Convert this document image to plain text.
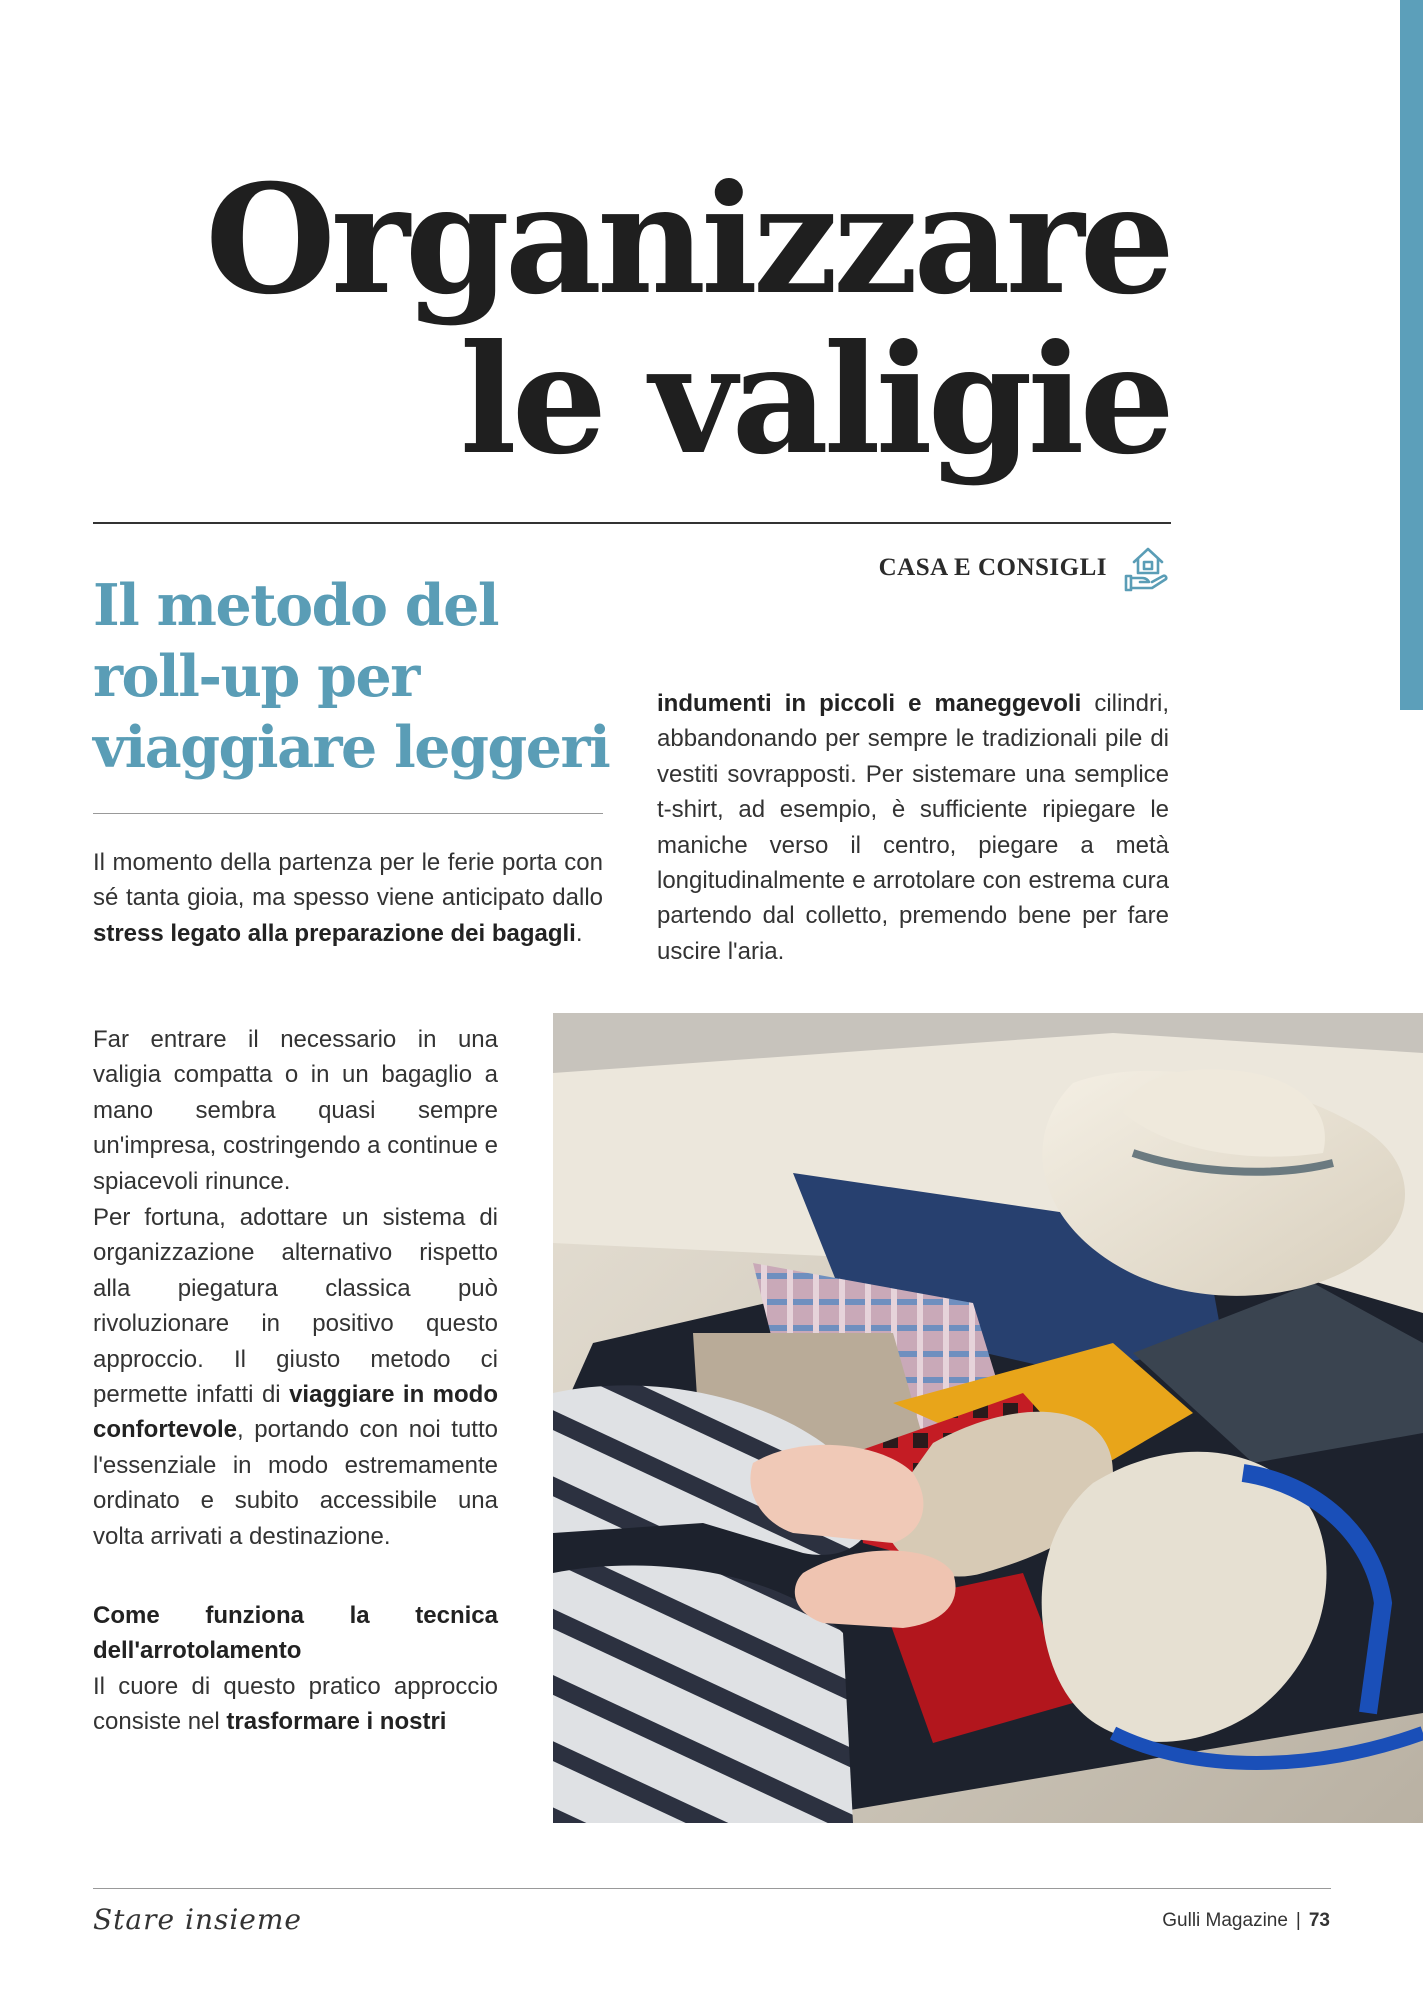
Organizzare
le valigie

CASA E CONSIGLI

Il metodo del
roll-up per
viaggiare leggeri

Il momento della partenza per le ferie porta con sé tanta gioia, ma spesso viene anticipato dallo stress legato alla preparazione dei bagagli.

Far entrare il necessario in una valigia compatta o in un bagaglio a mano sembra quasi sempre un'impresa, costringendo a continue e spiacevoli rinunce.

Per fortuna, adottare un sistema di organizzazione alternativo rispetto alla piegatura classica può rivoluzionare in positivo questo approccio. Il giusto metodo ci permette infatti di viaggiare in modo confortevole, portando con noi tutto l'essenziale in modo estremamente ordinato e subito accessibile una volta arrivati a destinazione.

Come funziona la tecnica dell'arrotolamento
Il cuore di questo pratico approccio consiste nel trasformare i nostri

indumenti in piccoli e maneggevoli cilindri, abbandonando per sempre le tradizionali pile di vestiti sovrapposti. Per sistemare una semplice t-shirt, ad esempio, è sufficiente ripiegare le maniche verso il centro, piegare a metà longitudinalmente e arrotolare con estrema cura partendo dal colletto, premendo bene per fare uscire l'aria.

Stare insieme	Gulli Magazine | 73
